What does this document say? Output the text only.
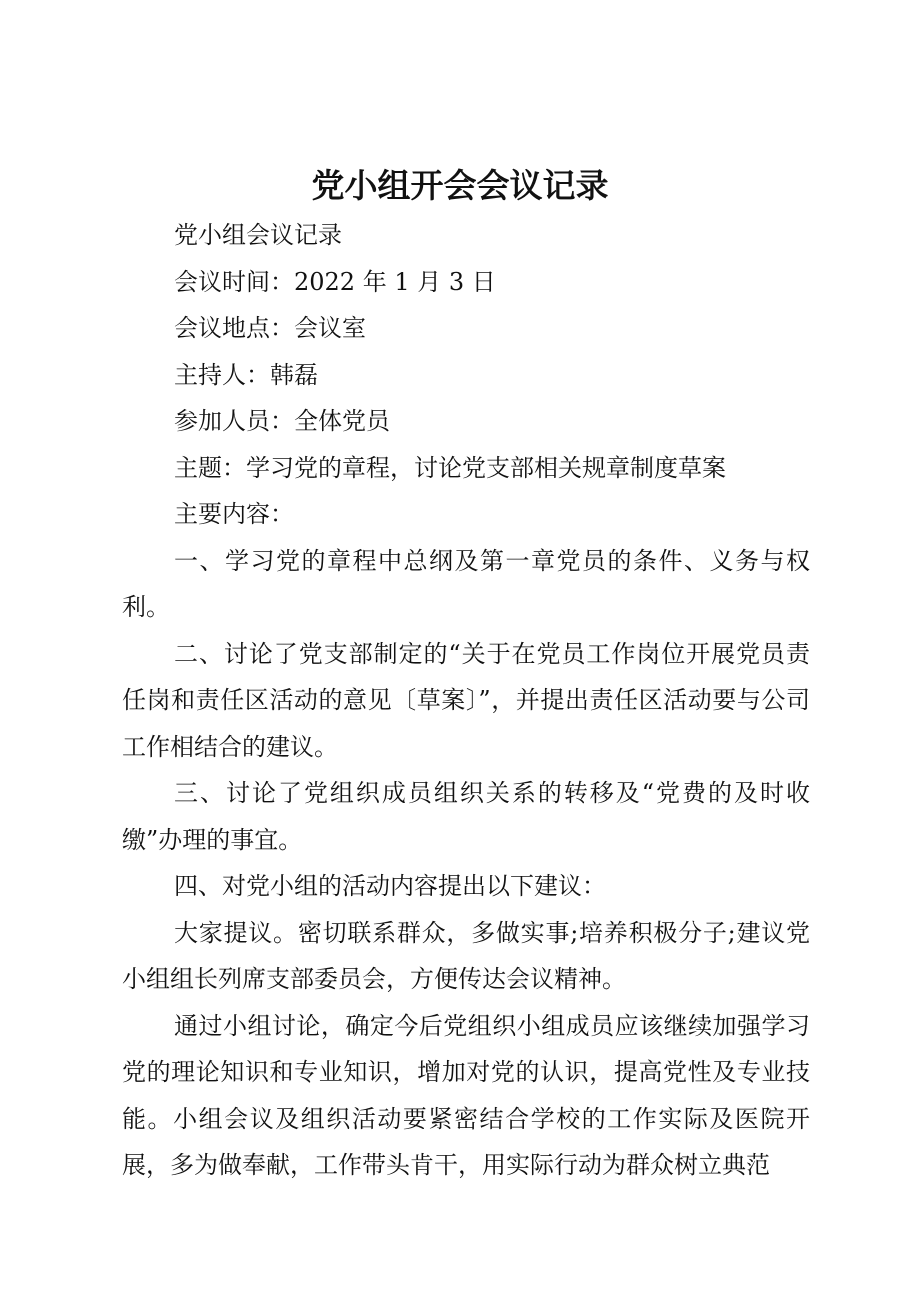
党小组开会会议记录

党小组会议记录

会议时间：2022 年 1 月 3 日

会议地点：会议室

主持人：韩磊

参加人员：全体党员

主题：学习党的章程，讨论党支部相关规章制度草案

主要内容：

一、学习党的章程中总纲及第一章党员的条件、义务与权利。

二、讨论了党支部制定的“关于在党员工作岗位开展党员责任岗和责任区活动的意见〔草案〕”，并提出责任区活动要与公司工作相结合的建议。

三、讨论了党组织成员组织关系的转移及“党费的及时收缴”办理的事宜。

四、对党小组的活动内容提出以下建议：

大家提议。密切联系群众，多做实事;培养积极分子;建议党小组组长列席支部委员会，方便传达会议精神。

通过小组讨论，确定今后党组织小组成员应该继续加强学习党的理论知识和专业知识，增加对党的认识，提高党性及专业技能。小组会议及组织活动要紧密结合学校的工作实际及医院开展，多为做奉献，工作带头肯干，用实际行动为群众树立典范
